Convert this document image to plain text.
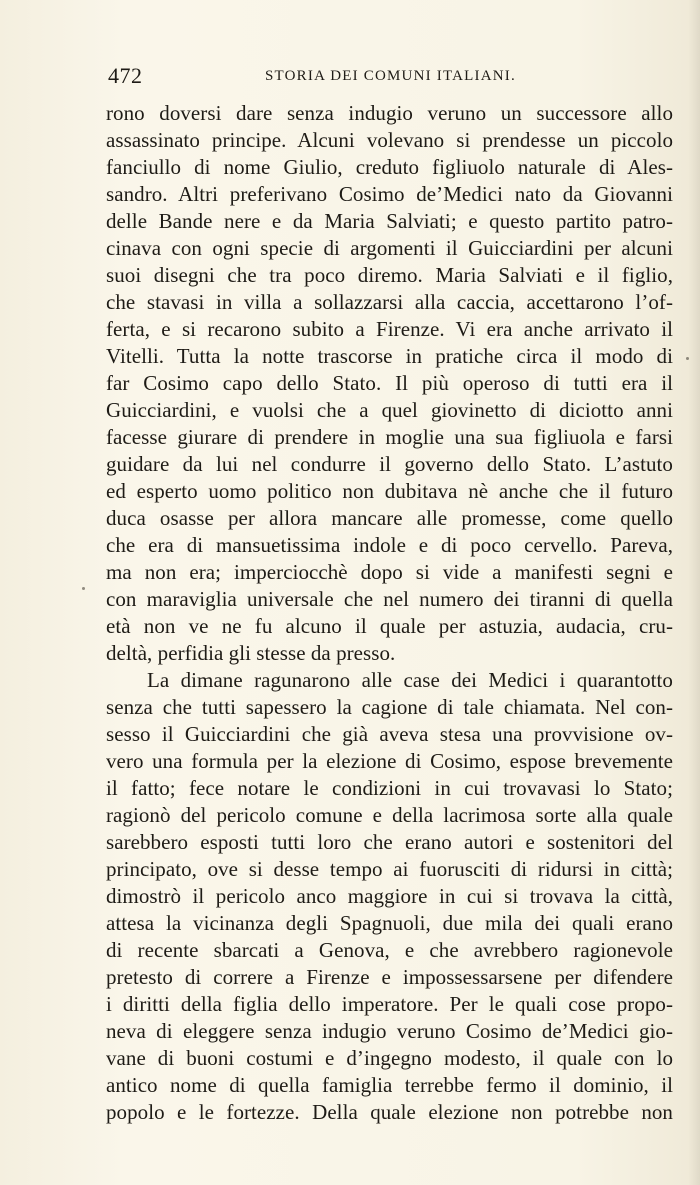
472	STORIA DEI COMUNI ITALIANI.
rono doversi dare senza indugio veruno un successore allo
assassinato principe. Alcuni volevano si prendesse un piccolo
fanciullo di nome Giulio, creduto figliuolo naturale di Ales-
sandro. Altri preferivano Cosimo de’Medici nato da Giovanni
delle Bande nere e da Maria Salviati; e questo partito patro-
cinava con ogni specie di argomenti il Guicciardini per alcuni
suoi disegni che tra poco diremo. Maria Salviati e il figlio,
che stavasi in villa a sollazzarsi alla caccia, accettarono l’of-
ferta, e si recarono subito a Firenze. Vi era anche arrivato il
Vitelli. Tutta la notte trascorse in pratiche circa il modo di
far Cosimo capo dello Stato. Il più operoso di tutti era il
Guicciardini, e vuolsi che a quel giovinetto di diciotto anni
facesse giurare di prendere in moglie una sua figliuola e farsi
guidare da lui nel condurre il governo dello Stato. L’astuto
ed esperto uomo politico non dubitava nè anche che il futuro
duca osasse per allora mancare alle promesse, come quello
che era di mansuetissima indole e di poco cervello. Pareva,
ma non era; imperciocchè dopo si vide a manifesti segni e
con maraviglia universale che nel numero dei tiranni di quella
età non ve ne fu alcuno il quale per astuzia, audacia, cru-
deltà, perfidia gli stesse da presso.
La dimane ragunarono alle case dei Medici i quarantotto
senza che tutti sapessero la cagione di tale chiamata. Nel con-
sesso il Guicciardini che già aveva stesa una provvisione ov-
vero una formula per la elezione di Cosimo, espose brevemente
il fatto; fece notare le condizioni in cui trovavasi lo Stato;
ragionò del pericolo comune e della lacrimosa sorte alla quale
sarebbero esposti tutti loro che erano autori e sostenitori del
principato, ove si desse tempo ai fuorusciti di ridursi in città;
dimostrò il pericolo anco maggiore in cui si trovava la città,
attesa la vicinanza degli Spagnuoli, due mila dei quali erano
di recente sbarcati a Genova, e che avrebbero ragionevole
pretesto di correre a Firenze e impossessarsene per difendere
i diritti della figlia dello imperatore. Per le quali cose propo-
neva di eleggere senza indugio veruno Cosimo de’Medici gio-
vane di buoni costumi e d’ingegno modesto, il quale con lo
antico nome di quella famiglia terrebbe fermo il dominio, il
popolo e le fortezze. Della quale elezione non potrebbe non
